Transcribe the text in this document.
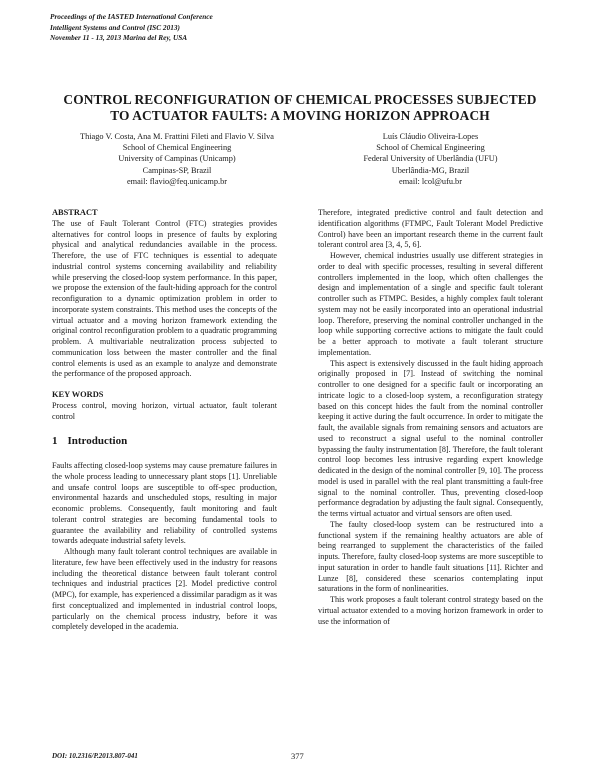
Proceedings of the IASTED International Conference
Intelligent Systems and Control (ISC 2013)
November 11 - 13, 2013 Marina del Rey, USA
CONTROL RECONFIGURATION OF CHEMICAL PROCESSES SUBJECTED
TO ACTUATOR FAULTS: A MOVING HORIZON APPROACH
Thiago V. Costa, Ana M. Frattini Fileti and Flavio V. Silva
School of Chemical Engineering
University of Campinas (Unicamp)
Campinas-SP, Brazil
email: flavio@feq.unicamp.br
Luís Cláudio Oliveira-Lopes
School of Chemical Engineering
Federal University of Uberlândia (UFU)
Uberlândia-MG, Brazil
email: lcol@ufu.br
ABSTRACT

The use of Fault Tolerant Control (FTC) strategies provides alternatives for control loops in presence of faults by exploring physical and analytical redundancies available in the process. Therefore, the use of FTC techniques is essential to adequate industrial control systems concerning availability and reliability while preserving the closed-loop system performance. In this paper, we propose the extension of the fault-hiding approach for the control reconfiguration to a dynamic optimization problem in order to incorporate system constraints. This method uses the concepts of the virtual actuator and a moving horizon framework extending the original control reconfiguration problem to a quadratic programming problem. A multivariable neutralization process subjected to communication loss between the master controller and the final control elements is used as an example to analyze and demonstrate the performance of the proposed approach.

KEY WORDS

Process control, moving horizon, virtual actuator, fault tolerant control

1 Introduction

Faults affecting closed-loop systems may cause premature failures in the whole process leading to unnecessary plant stops [1]. Unreliable and unsafe control loops are susceptible to off-spec production, environmental hazards and unscheduled stops, resulting in major economic problems. Consequently, fault monitoring and fault tolerant control strategies are becoming fundamental tools to guarantee the availability and reliability of controlled systems towards adequate industrial safety levels.

Although many fault tolerant control techniques are available in literature, few have been effectively used in the industry for reasons including the theoretical distance between fault tolerant control techniques and industrial practices [2]. Model predictive control (MPC), for example, has experienced a dissimilar paradigm as it was first conceptualized and implemented in industrial control loops, particularly on the chemical process industry, before it was completely developed in the academia.

Therefore, integrated predictive control and fault detection and identification algorithms (FTMPC, Fault Tolerant Model Predictive Control) have been an important research theme in the current fault tolerant control area [3, 4, 5, 6].

However, chemical industries usually use different strategies in order to deal with specific processes, resulting in several different controllers implemented in the loop, which often challenges the design and implementation of a single and specific fault tolerant controller such as FTMPC. Besides, a highly complex fault tolerant system may not be easily incorporated into an operational industrial loop. Therefore, preserving the nominal controller unchanged in the loop while supporting corrective actions to mitigate the fault could be a better approach to motivate a fault tolerant structure implementation.

This aspect is extensively discussed in the fault hiding approach originally proposed in [7]. Instead of switching the nominal controller to one designed for a specific fault or incorporating an intricate logic to a closed-loop system, a reconfiguration strategy based on this concept hides the fault from the nominal controller keeping it active during the fault occurrence. In order to mitigate the fault, the available signals from remaining sensors and actuators are used to reconstruct a signal useful to the nominal controller bypassing the faulty instrumentation [8]. Therefore, the fault tolerant control loop becomes less intrusive regarding expert knowledge dedicated in the design of the nominal controller [9, 10]. The process model is used in parallel with the real plant transmitting a fault-free signal to the nominal controller. Thus, preventing closed-loop performance degradation by adjusting the fault signal. Consequently, the terms virtual actuator and virtual sensors are often used.

The faulty closed-loop system can be restructured into a functional system if the remaining healthy actuators are able of being rearranged to supplement the characteristics of the failed inputs. Therefore, faulty closed-loop systems are more susceptible to input saturation in order to handle fault situations [11]. Richter and Lunze [8], considered these scenarios contemplating input saturations in the form of nonlinearities.

This work proposes a fault tolerant control strategy based on the virtual actuator extended to a moving horizon framework in order to use the information of

DOI: 10.2316/P.2013.807-041	377
